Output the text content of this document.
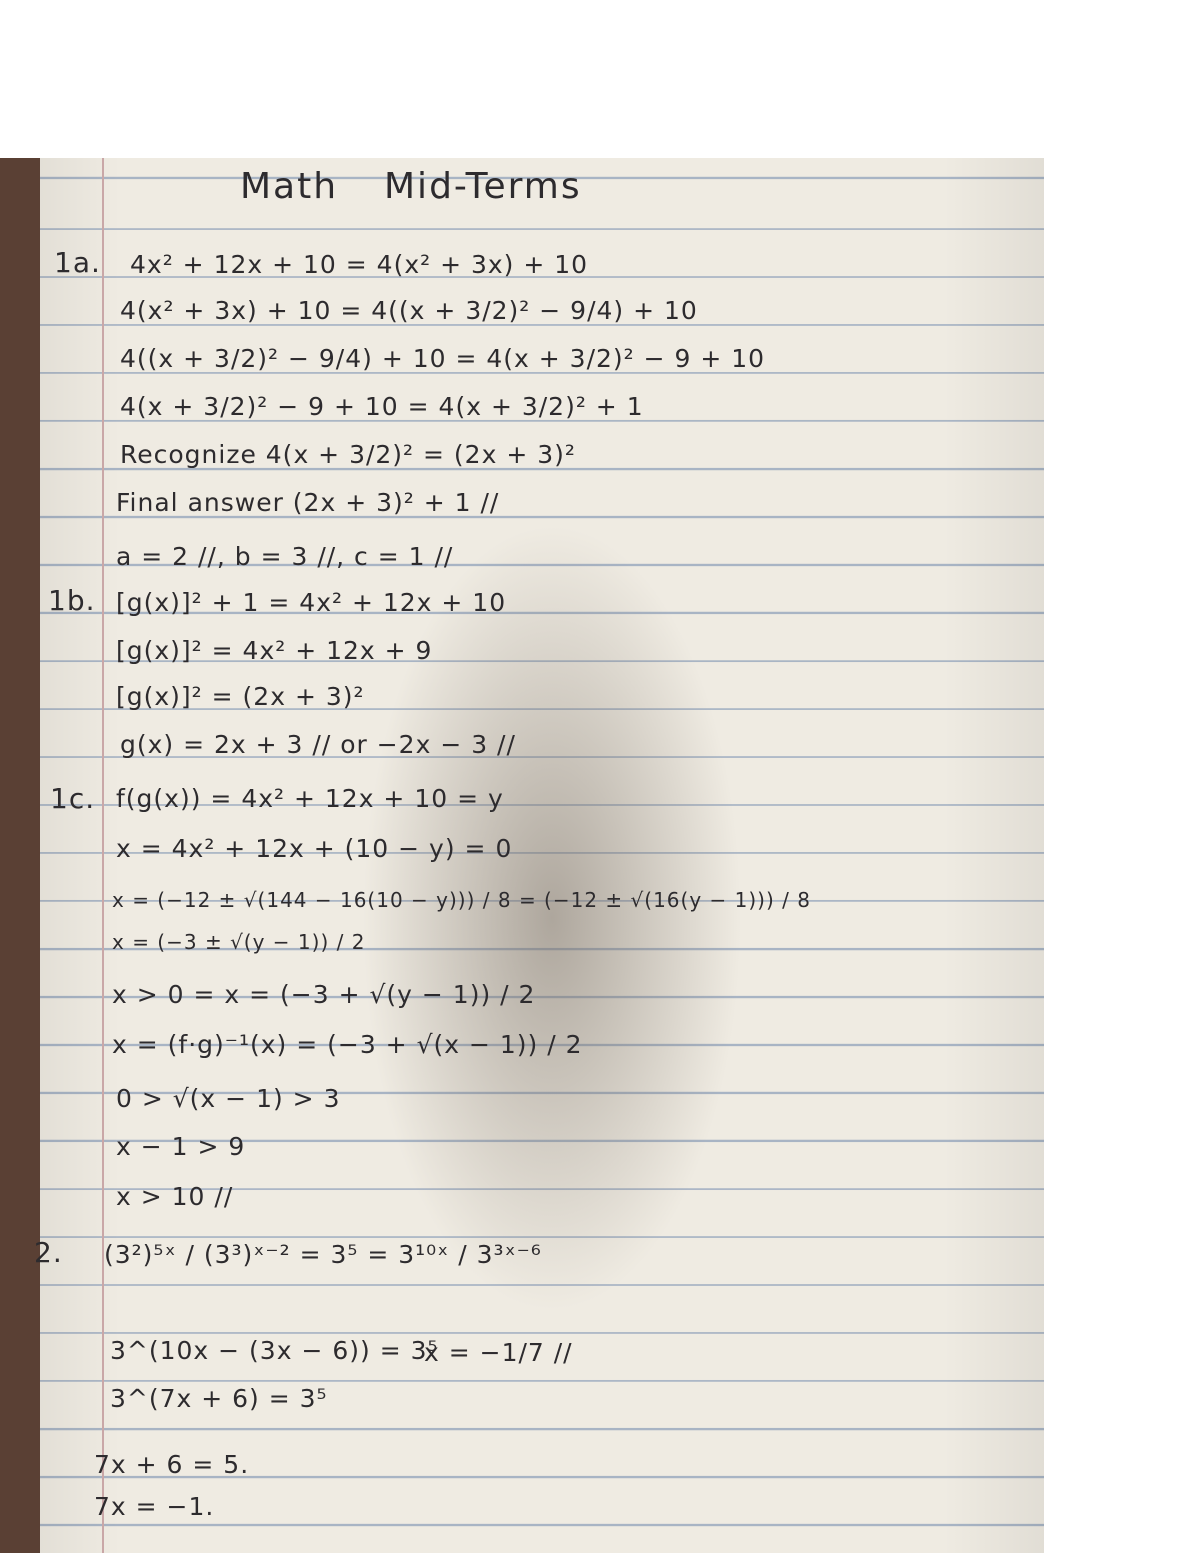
Math Mid-Terms
1a. 4x² + 12x + 10 = 4(x² + 3x) + 10
4(x² + 3x) + 10 = 4((x + 3/2)² − 9/4) + 10
4((x + 3/2)² − 9/4) + 10 = 4(x + 3/2)² − 9 + 10
4(x + 3/2)² − 9 + 10 = 4(x + 3/2)² + 1
Recognize 4(x + 3/2)² = (2x + 3)²
Final answer (2x + 3)² + 1 //
a = 2 //, b = 3 //, c = 1 //
1b. [g(x)]² + 1 = 4x² + 12x + 10
[g(x)]² = 4x² + 12x + 9
[g(x)]² = (2x + 3)²
g(x) = 2x + 3 // or −2x − 3 //
1c. f(g(x)) = 4x² + 12x + 10 = y
x = 4x² + 12x + (10 − y) = 0
x = (−12 ± √(144 − 16(10 − y))) / 8 = (−12 ± √(16(y − 1))) / 8
x = (−3 ± √(y − 1)) / 2
x > 0 = x = (−3 + √(y − 1)) / 2
x = (f·g)⁻¹(x) = (−3 + √(x − 1)) / 2
0 > √(x − 1) > 3
x − 1 > 9
x > 10 //
2. (3²)⁵ˣ / (3³)ˣ⁻² = 3⁵ = 3¹⁰ˣ / 3³ˣ⁻⁶
3^(10x − (3x − 6)) = 3⁵
3^(7x + 6) = 3⁵
7x + 6 = 5.
7x = −1.
x = −1/7 //
